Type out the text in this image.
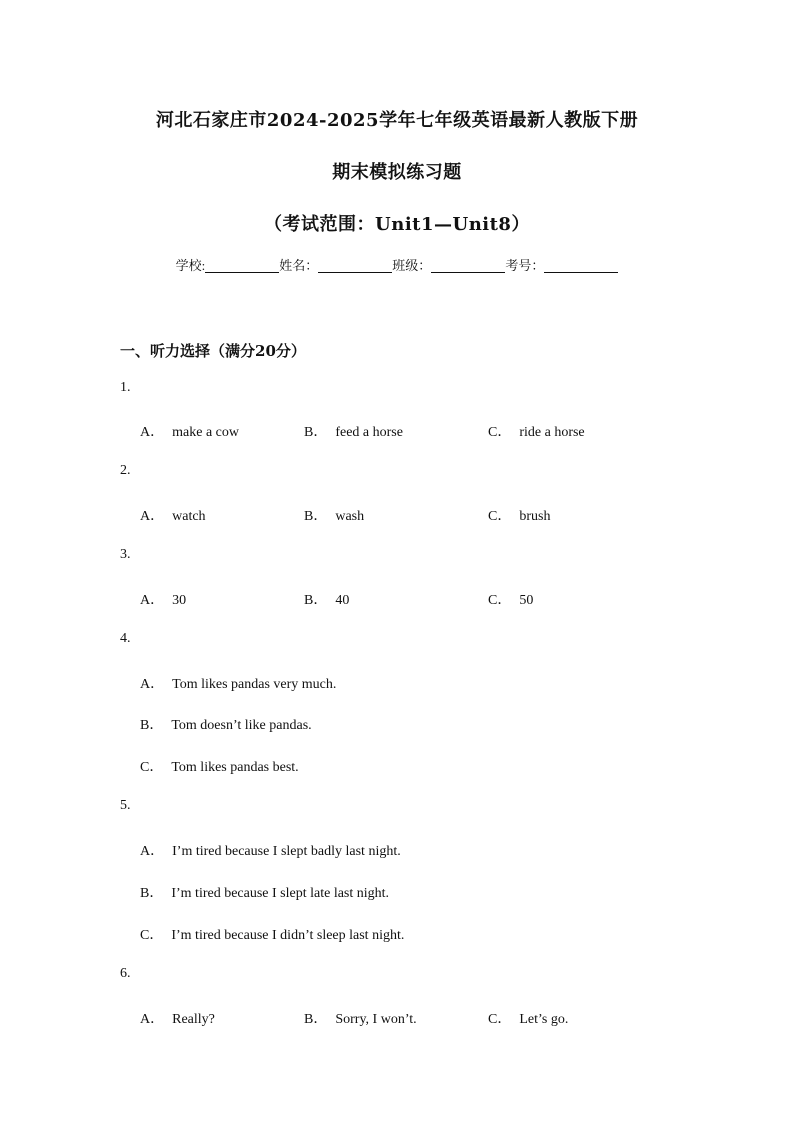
河北石家庄市2024-2025学年七年级英语最新人教版下册
期末模拟练习题
（考试范围：Unit1—Unit8）
学校:	姓名：	班级：	考号：
一、听力选择（满分20分）
1.
A． make a cow	B． feed a horse	C． ride a horse
2.
A． watch	B． wash	C． brush
3.
A． 30	B． 40	C． 50
4.
A． Tom likes pandas very much.
B． Tom doesn’t like pandas.
C． Tom likes pandas best.
5.
A． I’m tired because I slept badly last night.
B． I’m tired because I slept late last night.
C． I’m tired because I didn’t sleep last night.
6.
A． Really?	B． Sorry, I won’t.	C． Let’s go.
